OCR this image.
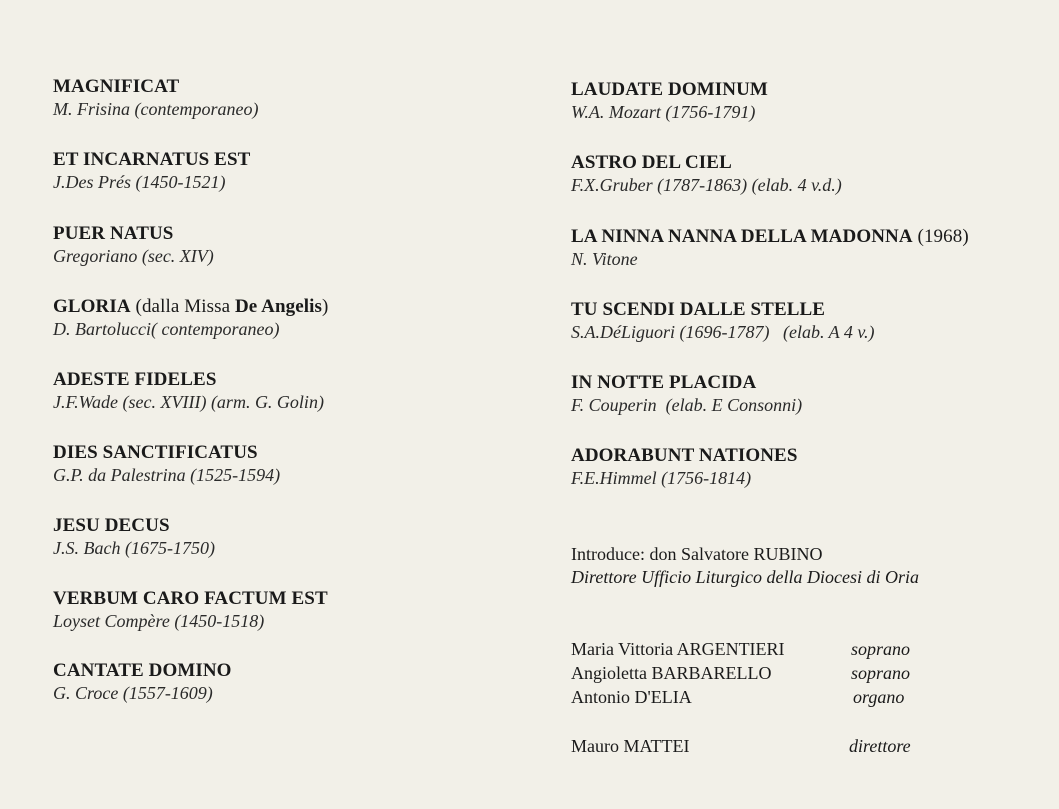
MAGNIFICAT
M. Frisina (contemporaneo)
ET INCARNATUS EST
J.Des Prés (1450-1521)
PUER NATUS
Gregoriano (sec. XIV)
GLORIA (dalla Missa De Angelis)
D. Bartolucci( contemporaneo)
ADESTE FIDELES
J.F.Wade (sec. XVIII) (arm. G. Golin)
DIES SANCTIFICATUS
G.P. da Palestrina (1525-1594)
JESU DECUS
J.S. Bach (1675-1750)
VERBUM CARO FACTUM EST
Loyset Compère (1450-1518)
CANTATE DOMINO
G. Croce (1557-1609)
LAUDATE DOMINUM
W.A. Mozart (1756-1791)
ASTRO DEL CIEL
F.X.Gruber (1787-1863) (elab. 4 v.d.)
LA NINNA NANNA DELLA MADONNA (1968)
N. Vitone
TU SCENDI DALLE STELLE
S.A.DéLiguori (1696-1787)   (elab. A 4 v.)
IN NOTTE PLACIDA
F. Couperin  (elab. E Consonni)
ADORABUNT NATIONES
F.E.Himmel (1756-1814)
Introduce: don Salvatore RUBINO
Direttore Ufficio Liturgico della Diocesi di Oria
Maria Vittoria ARGENTIERI	soprano
Angioletta BARBARELLO	soprano
Antonio D'ELIA	organo
Mauro MATTEI	direttore
